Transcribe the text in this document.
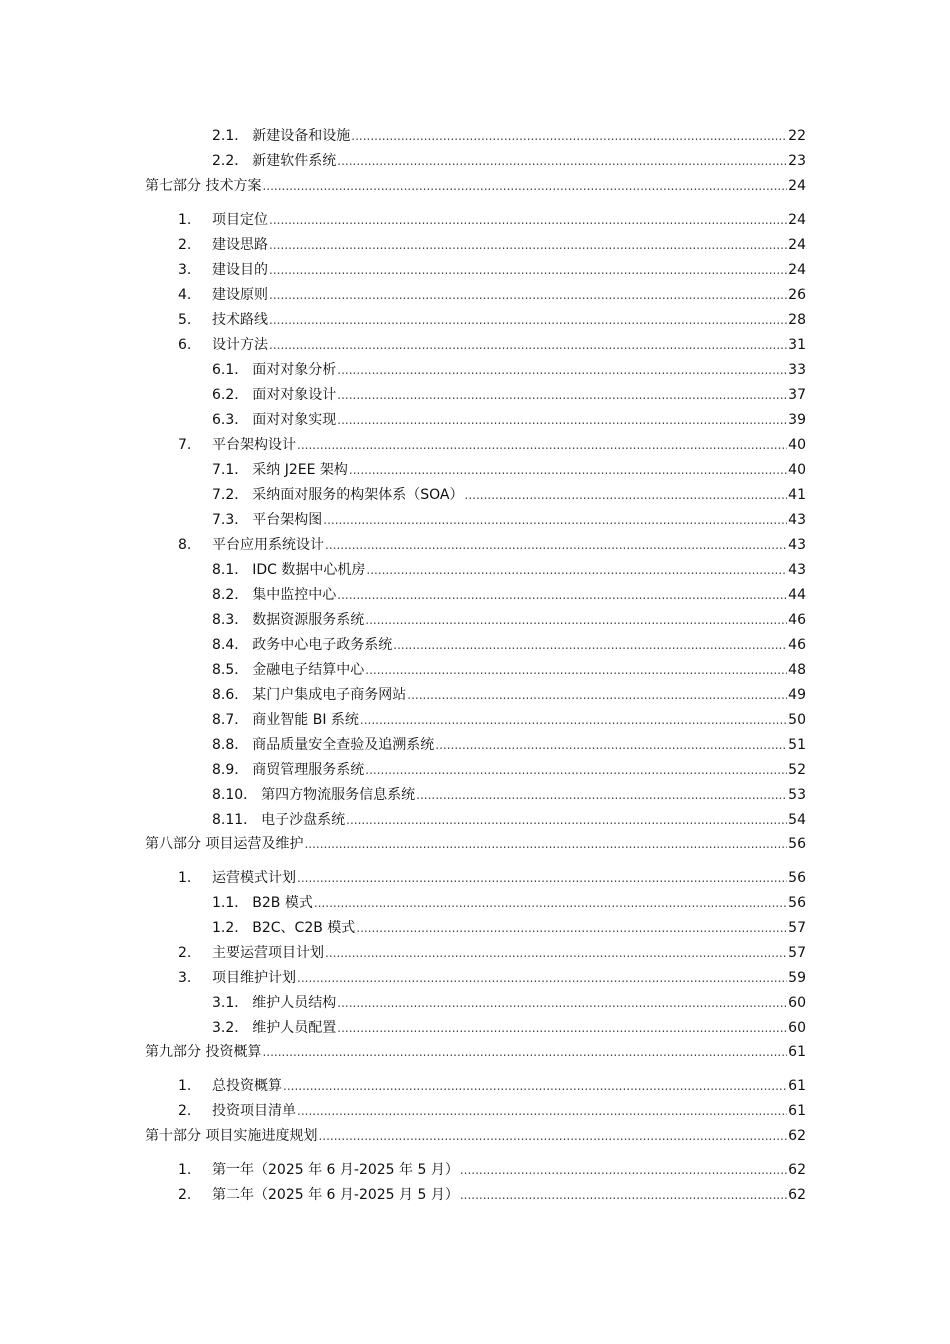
2.1． 新建设备和设施 .....	22
2.2． 新建软件系统 .....	23
第七部分 技术方案 .....	24
1.	项目定位 .....	24
2.	建设思路 .....	24
3.	建设目的 .....	24
4.	建设原则 .....	26
5.	技术路线 .....	28
6.	设计方法 .....	31
6.1． 面对对象分析 .....	33
6.2． 面对对象设计 .....	37
6.3． 面对对象实现 .....	39
7.	平台架构设计 .....	40
7.1． 采纳 J2EE 架构 .....	40
7.2． 采纳面对服务的构架体系（SOA） .....	41
7.3． 平台架构图 .....	43
8.	平台应用系统设计 .....	43
8.1． IDC 数据中心机房 .....	43
8.2． 集中监控中心 .....	44
8.3． 数据资源服务系统 .....	46
8.4． 政务中心电子政务系统 .....	46
8.5． 金融电子结算中心 .....	48
8.6． 某门户集成电子商务网站 .....	49
8.7． 商业智能 BI 系统 .....	50
8.8． 商品质量安全查验及追溯系统 .....	51
8.9． 商贸管理服务系统 .....	52
8.10． 第四方物流服务信息系统 .....	53
8.11． 电子沙盘系统 .....	54
第八部分 项目运营及维护 .....	56
1.	运营模式计划 .....	56
1.1． B2B 模式 .....	56
1.2． B2C、C2B 模式 .....	57
2.	主要运营项目计划 .....	57
3.	项目维护计划 .....	59
3.1． 维护人员结构 .....	60
3.2． 维护人员配置 .....	60
第九部分 投资概算 .....	61
1.	总投资概算 .....	61
2.	投资项目清单 .....	61
第十部分 项目实施进度规划 .....	62
1.	第一年（2025 年 6 月-2025 年 5 月） .....	62
2.	第二年（2025 年 6 月-2025 月 5 月） .....	62
